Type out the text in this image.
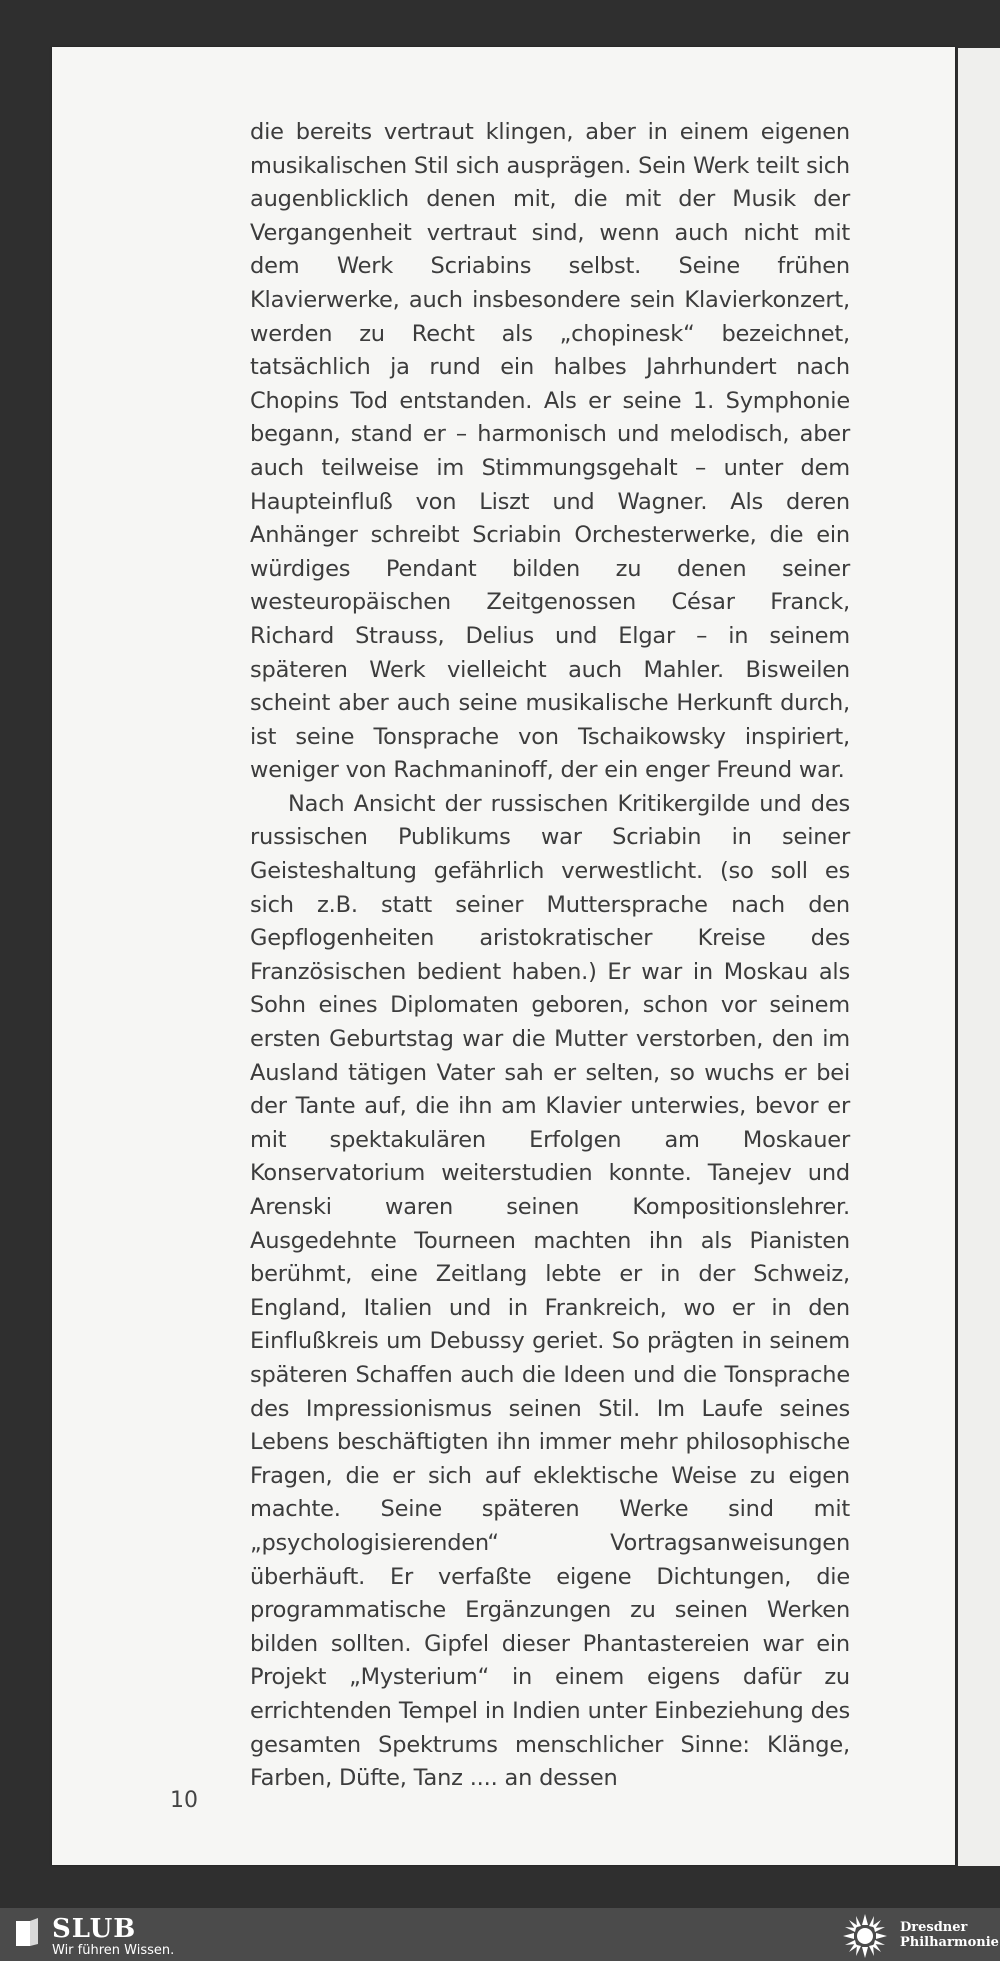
die bereits vertraut klingen, aber in einem eigenen musikalischen Stil sich ausprägen. Sein Werk teilt sich augenblicklich denen mit, die mit der Musik der Vergangenheit vertraut sind, wenn auch nicht mit dem Werk Scriabins selbst. Seine frühen Klavierwerke, auch insbesondere sein Klavierkonzert, werden zu Recht als „chopinesk“ bezeichnet, tatsächlich ja rund ein halbes Jahrhundert nach Chopins Tod entstanden. Als er seine 1. Symphonie begann, stand er – harmonisch und melodisch, aber auch teilweise im Stimmungsgehalt – unter dem Haupteinfluß von Liszt und Wagner. Als deren Anhänger schreibt Scriabin Orchesterwerke, die ein würdiges Pendant bilden zu denen seiner westeuropäischen Zeitgenossen César Franck, Richard Strauss, Delius und Elgar – in seinem späteren Werk vielleicht auch Mahler. Bisweilen scheint aber auch seine musikalische Herkunft durch, ist seine Tonsprache von Tschaikowsky inspiriert, weniger von Rachmaninoff, der ein enger Freund war.

Nach Ansicht der russischen Kritikergilde und des russischen Publikums war Scriabin in seiner Geisteshaltung gefährlich verwestlicht. (so soll es sich z.B. statt seiner Muttersprache nach den Gepflogenheiten aristokratischer Kreise des Französischen bedient haben.) Er war in Moskau als Sohn eines Diplomaten geboren, schon vor seinem ersten Geburtstag war die Mutter verstorben, den im Ausland tätigen Vater sah er selten, so wuchs er bei der Tante auf, die ihn am Klavier unterwies, bevor er mit spektakulären Erfolgen am Moskauer Konservatorium weiterstudien konnte. Tanejev und Arenski waren seinen Kompositionslehrer. Ausgedehnte Tourneen machten ihn als Pianisten berühmt, eine Zeitlang lebte er in der Schweiz, England, Italien und in Frankreich, wo er in den Einflußkreis um Debussy geriet. So prägten in seinem späteren Schaffen auch die Ideen und die Tonsprache des Impressionismus seinen Stil. Im Laufe seines Lebens beschäftigten ihn immer mehr philosophische Fragen, die er sich auf eklektische Weise zu eigen machte. Seine späteren Werke sind mit „psychologisierenden“ Vortragsanweisungen überhäuft. Er verfaßte eigene Dichtungen, die programmatische Ergänzungen zu seinen Werken bilden sollten. Gipfel dieser Phantastereien war ein Projekt „Mysterium“ in einem eigens dafür zu errichtenden Tempel in Indien unter Einbeziehung des gesamten Spektrums menschlicher Sinne: Klänge, Farben, Düfte, Tanz .... an dessen

10
SLUB
Wir führen Wissen.
Dresdner
Philharmonie
